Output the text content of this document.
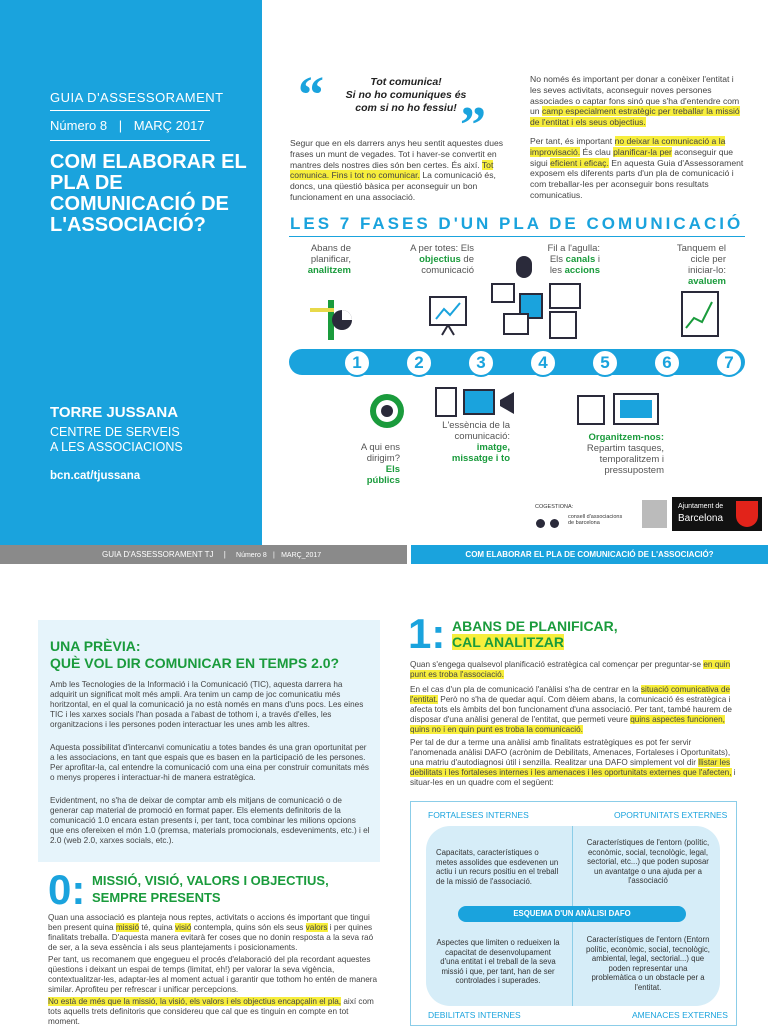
GUIA D'ASSESSORAMENT
Número 8 | MARÇ 2017
COM ELABORAR EL PLA DE COMUNICACIÓ DE L'ASSOCIACIÓ?
TORRE JUSSANA
CENTRE DE SERVEIS A LES ASSOCIACIONS
bcn.cat/tjussana
“	Tot comunica!
Si no ho comuniques és
com si no ho fessiu! ”
Segur que en els darrers anys heu sentit aquestes dues frases un munt de vegades. Tot i haver-se convertit en mantres dels nostres dies són ben certes. És així. Tot comunica. Fins i tot no comunicar. La comunicació és, doncs, una qüestió bàsica per aconseguir un bon funcionament en una associació.
No només és important per donar a conèixer l'entitat i les seves activitats, aconseguir noves persones associades o captar fons sinó que s'ha d'entendre com un camp especialment estratègic per treballar la missió de l'entitat i els seus objectius.
Per tant, és important no deixar la comunicació a la improvisació. És clau planificar-la per aconseguir que sigui eficient i eficaç. En aquesta Guia d'Assessorament exposem els diferents parts d'un pla de comunicació i com treballar-les per aconseguir bons resultats comunicatius.
LES 7 FASES D'UN PLA DE COMUNICACIÓ
Abans de planificar, analitzem
A per totes: Els objectius de comunicació
Fil a l'agulla: Els canals i les accions
Tanquem el cicle per iniciar-lo: avaluem
1	2	3	4	5	6	7
A qui ens dirigim? Els públics
L'essència de la comunicació: imatge, missatge i to
Organitzem-nos: Repartim tasques, temporalitzem i pressupostem
COGESTIONA:

consell d'associacions de barcelona
Ajuntament de
Barcelona
GUIA D'ASSESSORAMENT TJ | Número 8 | MARÇ_2017	COM ELABORAR EL PLA DE COMUNICACIÓ DE L'ASSOCIACIÓ?
UNA PRÈVIA:
QUÈ VOL DIR COMUNICAR EN TEMPS 2.0?
Amb les Tecnologies de la Informació i la Comunicació (TIC), aquesta darrera ha adquirit un significat molt més ampli. Ara tenim un camp de joc comunicatiu més horitzontal, en el qual la comunicació ja no està només en mans d'uns pocs. Les eines TIC i les xarxes socials l'han posada a l'abast de tothom i, a través d'elles, les organitzacions i les persones poden interactuar les unes amb les altres.
Aquesta possibilitat d'intercanvi comunicatiu a totes bandes és una gran oportunitat per a les associacions, en tant que espais que es basen en la participació de les persones. Per aprofitar-la, cal entendre la comunicació com una eina per construir comunitats més o menys properes i interactuar-hi de manera estratègica.
Evidentment, no s'ha de deixar de comptar amb els mitjans de comunicació o de generar cap material de promoció en format paper. Els elements definitoris de la comunicació 1.0 encara estan presents i, per tant, toca combinar les milions opcions que ens ofereixen el món 1.0 (premsa, materials promocionals, esdeveniments, etc.) i el 2.0 (web 2.0, xarxes socials, etc.).
0: MISSIÓ, VISIÓ, VALORS I OBJECTIUS,
SEMPRE PRESENTS
Quan una associació es planteja nous reptes, activitats o accions és important que tingui ben present quina missió té, quina visió contempla, quins són els seus valors i per quines finalitats treballa. D'aquesta manera evitarà fer coses que no donin resposta a la seva raó de ser, a la seva essència i als seus plantejaments i posicionaments.
Per tant, us recomanem que engegueu el procés d'elaboració del pla recordant aquestes qüestions i deixant un espai de temps (limitat, eh!) per valorar la seva vigència, contextualitzar-les, adaptar-les al moment actual i garantir que tothom ho entén de manera similar. Aprofiteu per refrescar i unificar percepcions.
No està de més que la missió, la visió, els valors i els objectius encapçalin el pla, així com tots aquells trets definitoris que considereu que cal que es tinguin en compte en tot moment.
1: ABANS DE PLANIFICAR,
CAL ANALITZAR
Quan s'engega qualsevol planificació estratègica cal començar per preguntar-se en quin punt es troba l'associació.
En el cas d'un pla de comunicació l'anàlisi s'ha de centrar en la situació comunicativa de l'entitat. Però no s'ha de quedar aquí. Com dèiem abans, la comunicació és estratègica i afecta tots els àmbits del bon funcionament d'una associació. Per tant, també haurem de disposar d'una anàlisi general de l'entitat, que permeti veure quins aspectes funcionen, quins no i en quin punt es troba la comunicació.
Per tal de dur a terme una anàlisi amb finalitats estratègiques es pot fer servir l'anomenada anàlisi DAFO (acrònim de Debilitats, Amenaces, Fortaleses i Oportunitats), una matriu d'autodiagnosi útil i senzilla. Realitzar una DAFO simplement vol dir llistar les debilitats i les fortaleses internes i les amenaces i les oportunitats externes que l'afecten, i situar-les en un quadre com el següent:
FORTALESES INTERNES	OPORTUNITATS EXTERNES
Capacitats, característiques o metes assolides que esdevenen un actiu i un recurs positiu en el treball de la missió de l'associació.
Característiques de l'entorn (polític, econòmic, social, tecnològic, legal, sectorial, etc...) que poden suposar un avantatge o una ajuda per a l'associació
ESQUEMA D'UN ANÀLISI DAFO
Aspectes que limiten o redueixen la capacitat de desenvolupament d'una entitat i el treball de la seva missió i que, per tant, han de ser controlades i superades.
Característiques de l'entorn (Entorn polític, econòmic, social, tecnològic, ambiental, legal, sectorial...) que poden representar una problemàtica o un obstacle per a l'entitat.
DEBILITATS INTERNES	AMENACES EXTERNES
